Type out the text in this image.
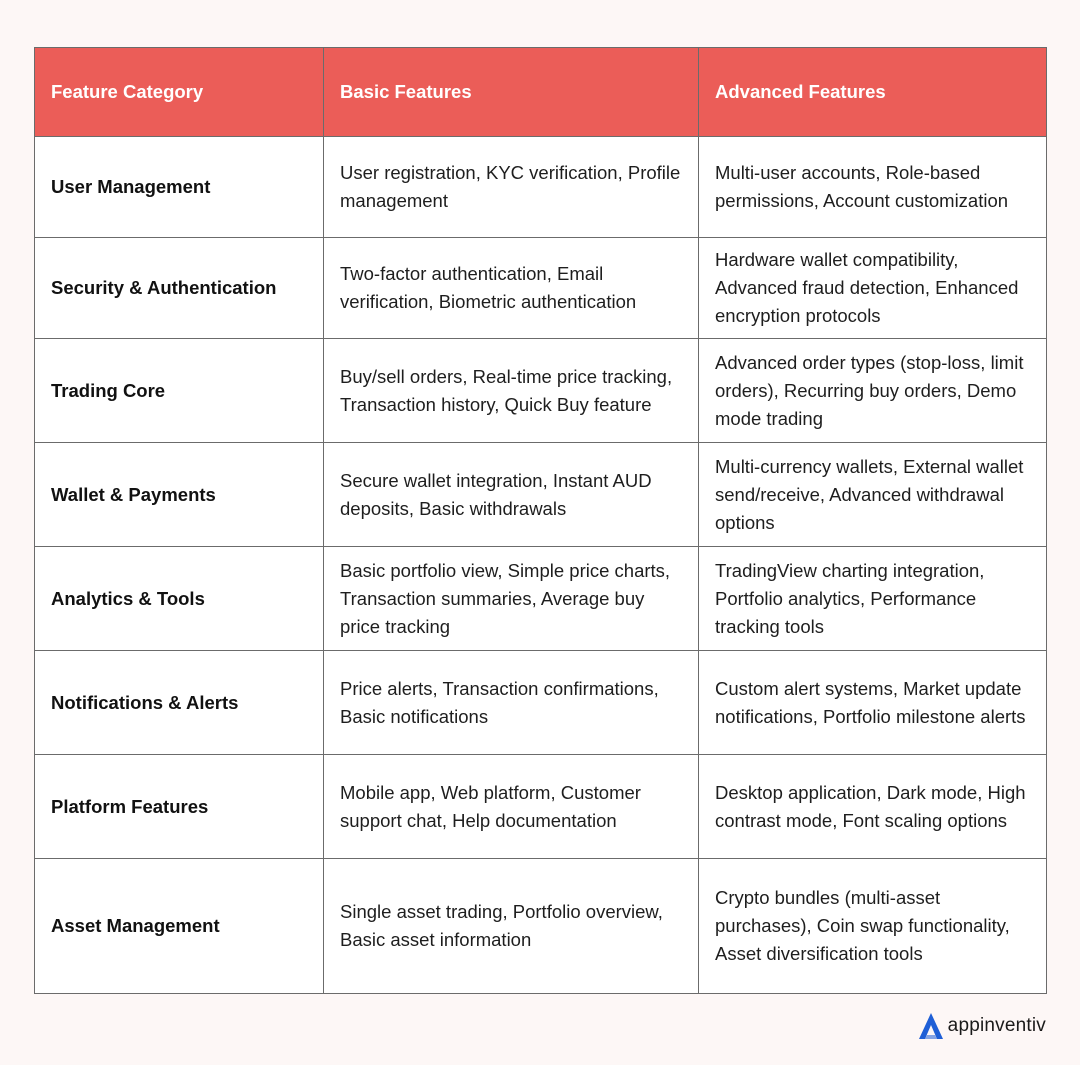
Feature Category	Basic Features	Advanced Features
User Management	User registration, KYC verification, Profile management	Multi-user accounts, Role-based permissions, Account customization
Security & Authentication	Two-factor authentication, Email verification, Biometric authentication	Hardware wallet compatibility, Advanced fraud detection, Enhanced encryption protocols
Trading Core	Buy/sell orders, Real-time price tracking, Transaction history, Quick Buy feature	Advanced order types (stop-loss, limit orders), Recurring buy orders, Demo mode trading
Wallet & Payments	Secure wallet integration, Instant AUD deposits, Basic withdrawals	Multi-currency wallets, External wallet send/receive, Advanced withdrawal options
Analytics & Tools	Basic portfolio view, Simple price charts, Transaction summaries, Average buy price tracking	TradingView charting integration, Portfolio analytics, Performance tracking tools
Notifications & Alerts	Price alerts, Transaction confirmations, Basic notifications	Custom alert systems, Market update notifications, Portfolio milestone alerts
Platform Features	Mobile app, Web platform, Customer support chat, Help documentation	Desktop application, Dark mode, High contrast mode, Font scaling options
Asset Management	Single asset trading, Portfolio overview, Basic asset information	Crypto bundles (multi-asset purchases), Coin swap functionality, Asset diversification tools
appinventiv
